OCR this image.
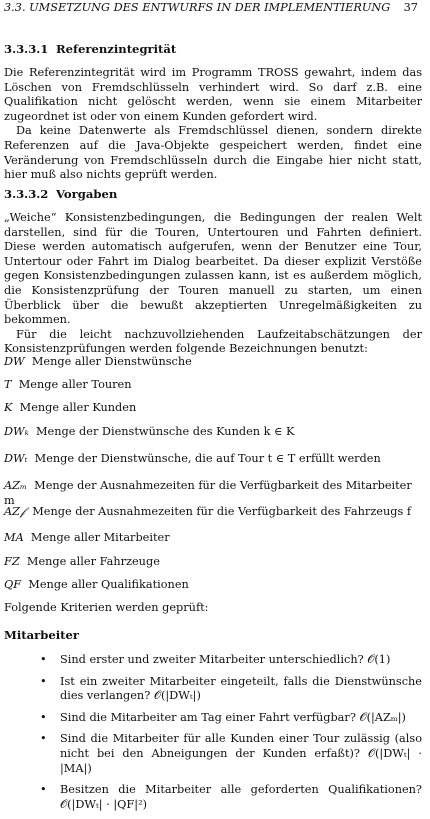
3.3. UMSETZUNG DES ENTWURFS IN DER IMPLEMENTIERUNG 37
3.3.3.1 Referenzintegrität

Die Referenzintegrität wird im Programm TROSS gewahrt, indem das Löschen von Fremdschlüsseln verhindert wird. So darf z.B. eine Qualifikation nicht gelöscht werden, wenn sie einem Mitarbeiter zugeordnet ist oder von einem Kunden gefordert wird.

Da keine Datenwerte als Fremdschlüssel dienen, sondern direkte Referenzen auf die Java-Objekte gespeichert werden, findet eine Veränderung von Fremdschlüsseln durch die Eingabe hier nicht statt, hier muß also nichts geprüft werden.

3.3.3.2 Vorgaben

„Weiche“ Konsistenzbedingungen, die Bedingungen der realen Welt darstellen, sind für die Touren, Untertouren und Fahrten definiert. Diese werden automatisch aufgerufen, wenn der Benutzer eine Tour, Untertour oder Fahrt im Dialog bearbeitet. Da dieser explizit Verstöße gegen Konsistenzbedingungen zulassen kann, ist es außerdem möglich, die Konsistenzprüfung der Touren manuell zu starten, um einen Überblick über die bewußt akzeptierten Unregelmäßigkeiten zu bekommen.

Für die leicht nachzuvollziehenden Laufzeitabschätzungen der Konsistenzprüfungen werden folgende Bezeichnungen benutzt:

DW Menge aller Dienstwünsche
T Menge aller Touren
K Menge aller Kunden
DWₖ Menge der Dienstwünsche des Kunden k ∈ K
DWₜ Menge der Dienstwünsche, die auf Tour t ∈ T erfüllt werden
AZₘ Menge der Ausnahmezeiten für die Verfügbarkeit des Mitarbeiter m
AZ𝒻 Menge der Ausnahmezeiten für die Verfügbarkeit des Fahrzeugs f
MA Menge aller Mitarbeiter
FZ Menge aller Fahrzeuge
QF Menge aller Qualifikationen
Folgende Kriterien werden geprüft:
Mitarbeiter
• Sind erster und zweiter Mitarbeiter unterschiedlich? 𝒪(1)
• Ist ein zweiter Mitarbeiter eingeteilt, falls die Dienstwünsche dies verlangen? 𝒪(|DWₜ|)
• Sind die Mitarbeiter am Tag einer Fahrt verfügbar? 𝒪(|AZₘ|)
• Sind die Mitarbeiter für alle Kunden einer Tour zulässig (also nicht bei den Abneigungen der Kunden erfaßt)? 𝒪(|DWₜ| · |MA|)
• Besitzen die Mitarbeiter alle geforderten Qualifikationen? 𝒪(|DWₜ| · |QF|²)
